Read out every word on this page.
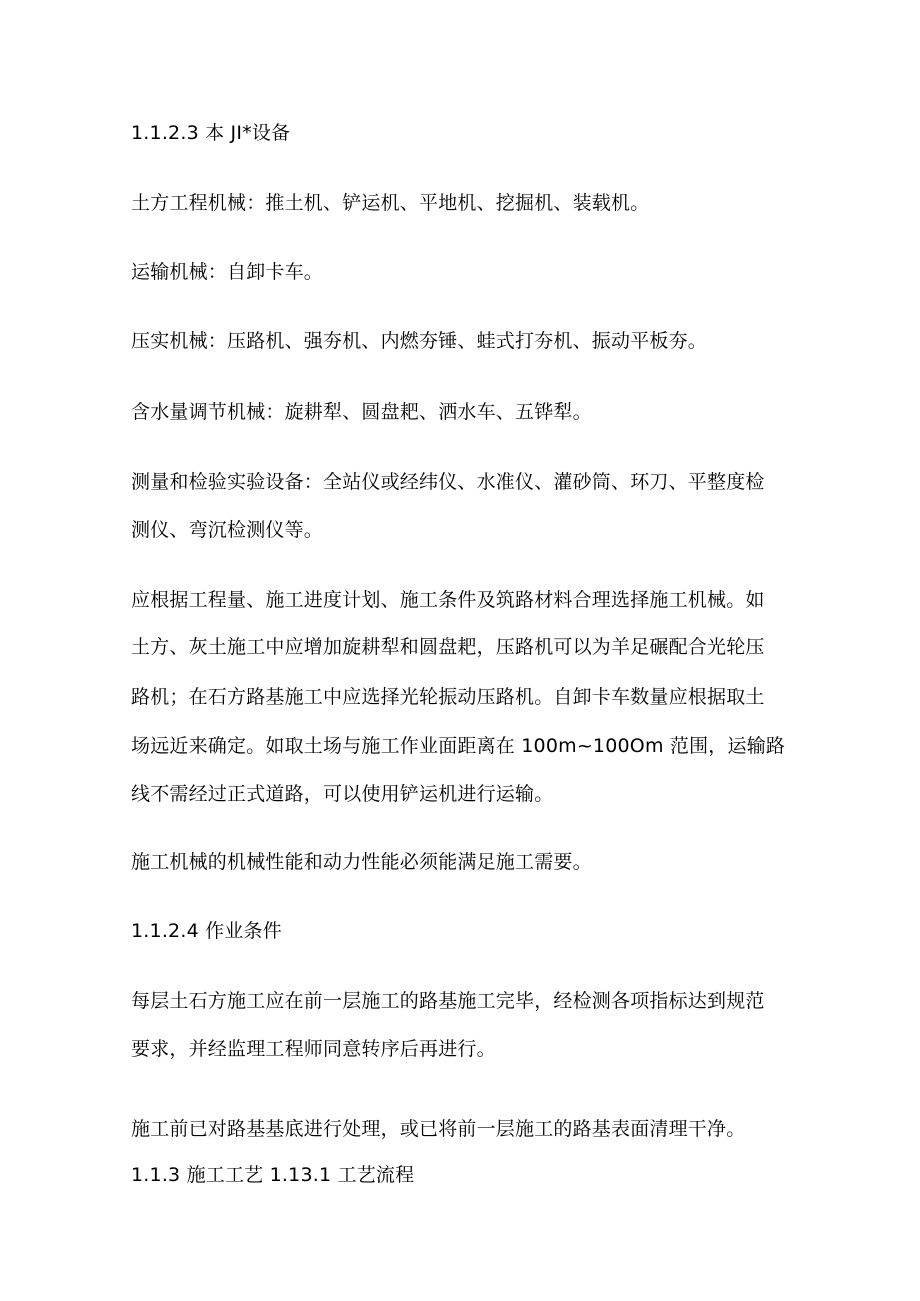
1.1.2.3 本 JI*设备
土方工程机械：推土机、铲运机、平地机、挖掘机、装载机。
运输机械：自卸卡车。
压实机械：压路机、强夯机、内燃夯锤、蛙式打夯机、振动平板夯。
含水量调节机械：旋耕犁、圆盘耙、洒水车、五铧犁。
测量和检验实验设备：全站仪或经纬仪、水准仪、灌砂筒、环刀、平整度检
测仪、弯沉检测仪等。
应根据工程量、施工进度计划、施工条件及筑路材料合理选择施工机械。如
土方、灰土施工中应增加旋耕犁和圆盘耙，压路机可以为羊足碾配合光轮压
路机；在石方路基施工中应选择光轮振动压路机。自卸卡车数量应根据取土
场远近来确定。如取土场与施工作业面距离在 100m~100Om 范围，运输路
线不需经过正式道路，可以使用铲运机进行运输。
施工机械的机械性能和动力性能必须能满足施工需要。
1.1.2.4 作业条件
每层土石方施工应在前一层施工的路基施工完毕，经检测各项指标达到规范
要求，并经监理工程师同意转序后再进行。
施工前已对路基基底进行处理，或已将前一层施工的路基表面清理干净。
1.1.3 施工工艺 1.13.1 工艺流程
